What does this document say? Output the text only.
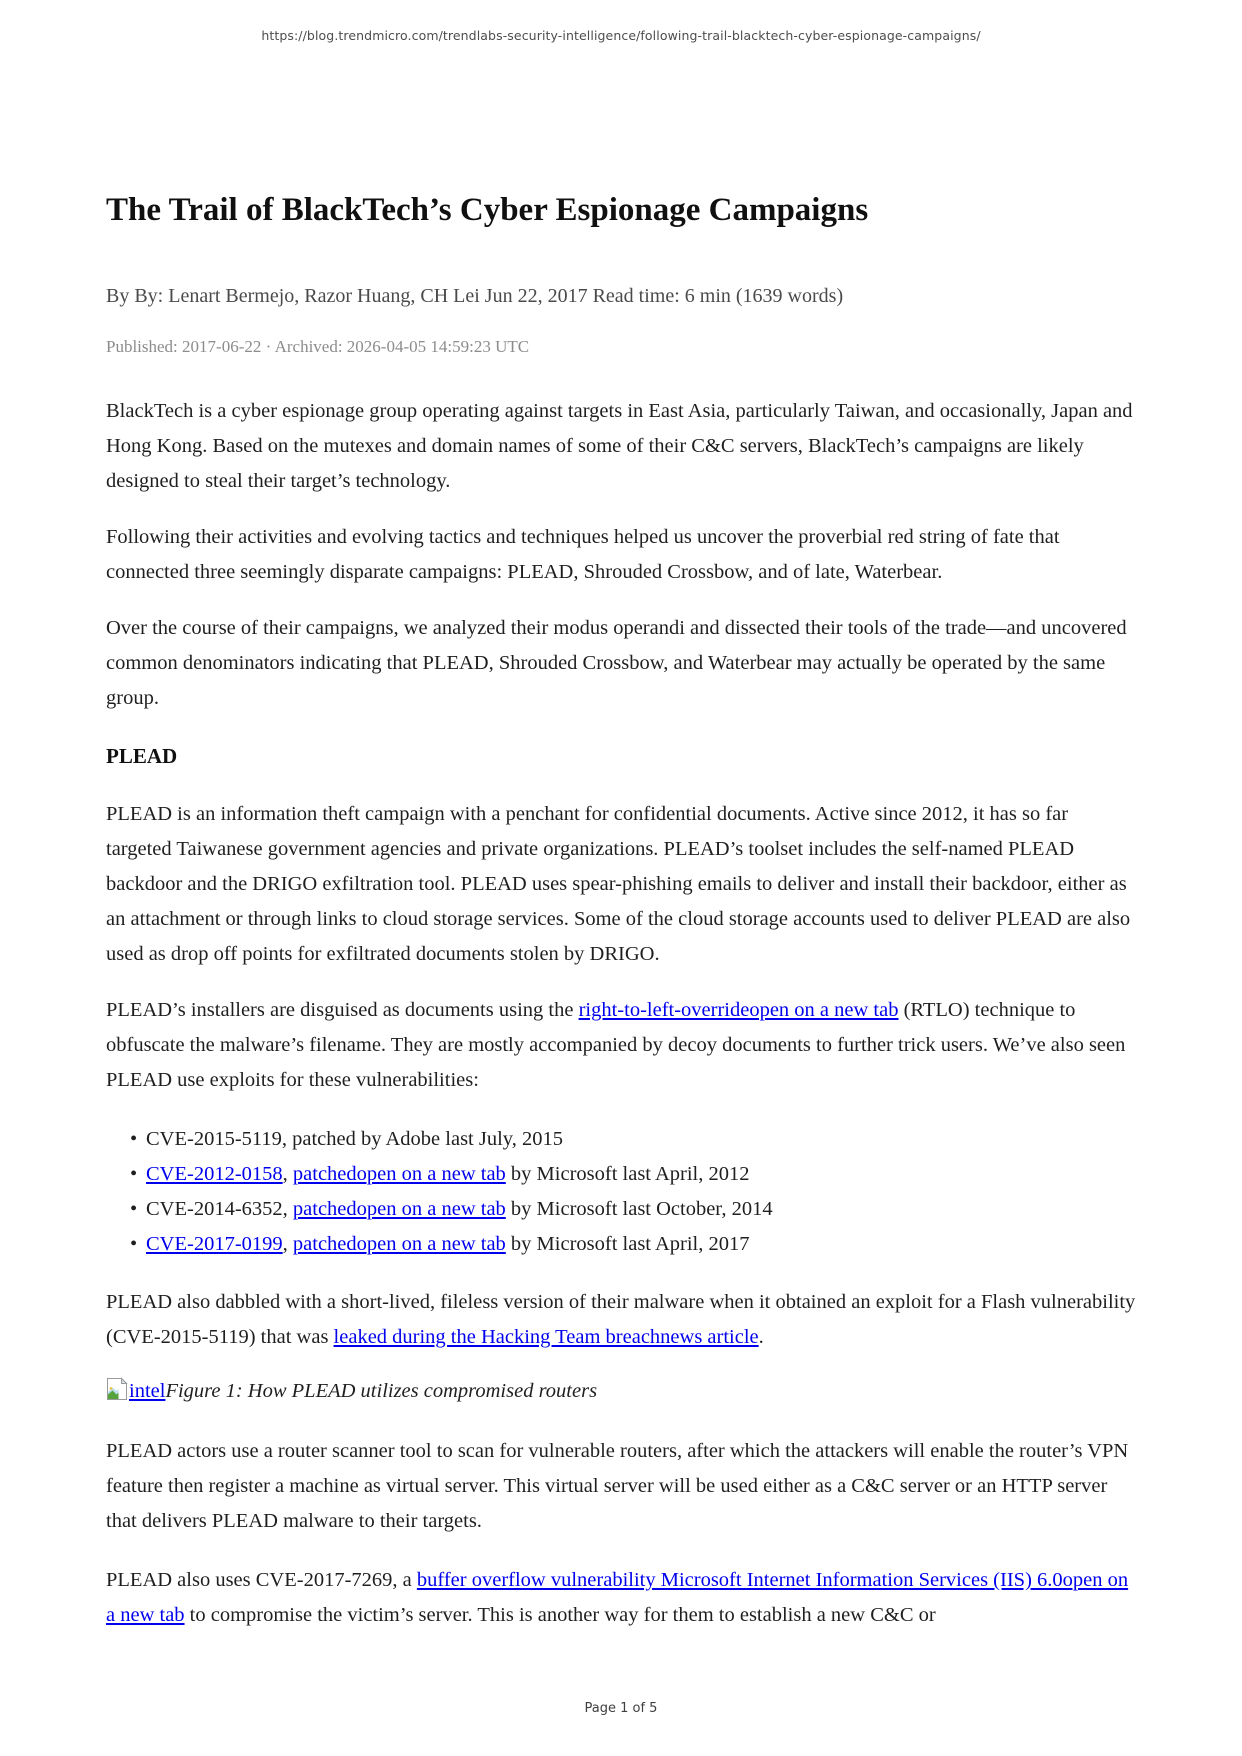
https://blog.trendmicro.com/trendlabs-security-intelligence/following-trail-blacktech-cyber-espionage-campaigns/
The Trail of BlackTech’s Cyber Espionage Campaigns
By By: Lenart Bermejo, Razor Huang, CH Lei Jun 22, 2017 Read time: 6 min (1639 words)
Published: 2017-06-22 · Archived: 2026-04-05 14:59:23 UTC

BlackTech is a cyber espionage group operating against targets in East Asia, particularly Taiwan, and occasionally, Japan and Hong Kong. Based on the mutexes and domain names of some of their C&C servers, BlackTech’s campaigns are likely designed to steal their target’s technology.

Following their activities and evolving tactics and techniques helped us uncover the proverbial red string of fate that connected three seemingly disparate campaigns: PLEAD, Shrouded Crossbow, and of late, Waterbear.

Over the course of their campaigns, we analyzed their modus operandi and dissected their tools of the trade—and uncovered common denominators indicating that PLEAD, Shrouded Crossbow, and Waterbear may actually be operated by the same group.

PLEAD

PLEAD is an information theft campaign with a penchant for confidential documents. Active since 2012, it has so far targeted Taiwanese government agencies and private organizations. PLEAD’s toolset includes the self-named PLEAD backdoor and the DRIGO exfiltration tool. PLEAD uses spear-phishing emails to deliver and install their backdoor, either as an attachment or through links to cloud storage services. Some of the cloud storage accounts used to deliver PLEAD are also used as drop off points for exfiltrated documents stolen by DRIGO.

PLEAD’s installers are disguised as documents using the right-to-left-overrideopen on a new tab (RTLO) technique to obfuscate the malware’s filename. They are mostly accompanied by decoy documents to further trick users. We’ve also seen PLEAD use exploits for these vulnerabilities:

• CVE-2015-5119, patched by Adobe last July, 2015
• CVE-2012-0158, patchedopen on a new tab by Microsoft last April, 2012
• CVE-2014-6352, patchedopen on a new tab by Microsoft last October, 2014
• CVE-2017-0199, patchedopen on a new tab by Microsoft last April, 2017

PLEAD also dabbled with a short-lived, fileless version of their malware when it obtained an exploit for a Flash vulnerability (CVE-2015-5119) that was leaked during the Hacking Team breachnews article.

intelFigure 1: How PLEAD utilizes compromised routers

PLEAD actors use a router scanner tool to scan for vulnerable routers, after which the attackers will enable the router’s VPN feature then register a machine as virtual server. This virtual server will be used either as a C&C server or an HTTP server that delivers PLEAD malware to their targets.

PLEAD also uses CVE-2017-7269, a buffer overflow vulnerability Microsoft Internet Information Services (IIS) 6.0open on a new tab to compromise the victim’s server. This is another way for them to establish a new C&C or

Page 1 of 5
